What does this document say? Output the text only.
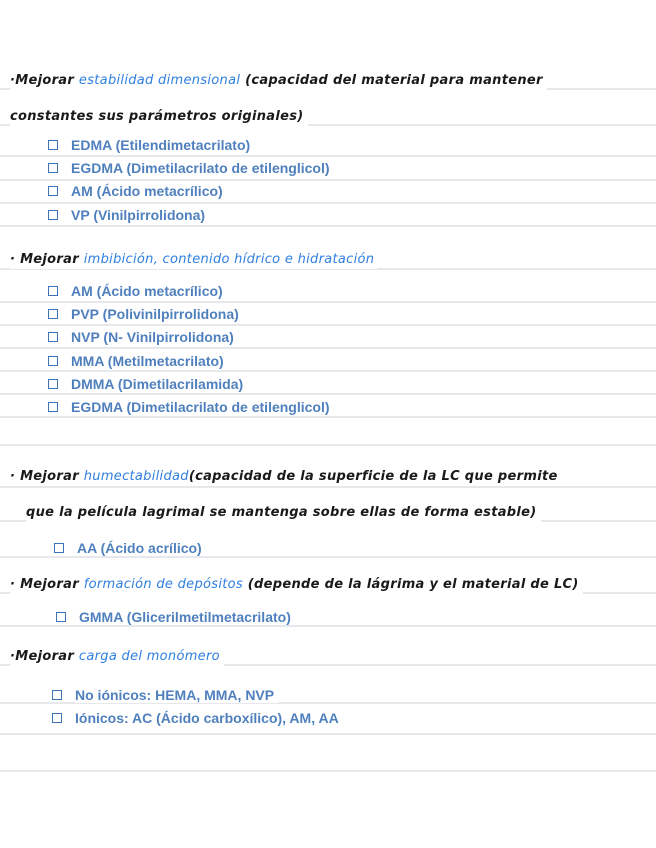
·Mejorar estabilidad dimensional (capacidad del material para mantener
constantes sus parámetros originales)
EDMA (Etilendimetacrilato)
EGDMA (Dimetilacrilato de etilenglicol)
AM (Ácido metacrílico)
VP (Vinilpirrolidona)
· Mejorar imbibición, contenido hídrico e hidratación
AM (Ácido metacrílico)
PVP (Polivinilpirrolidona)
NVP (N- Vinilpirrolidona)
MMA (Metilmetacrilato)
DMMA (Dimetilacrilamida)
EGDMA (Dimetilacrilato de etilenglicol)
· Mejorar humectabilidad(capacidad de la superficie de la LC que permite
que la película lagrimal se mantenga sobre ellas de forma estable)
AA (Ácido acrílico)
· Mejorar formación de depósitos (depende de la lágrima y el material de LC)
GMMA (Glicerilmetilmetacrilato)
·Mejorar carga del monómero
No iónicos: HEMA, MMA, NVP
Iónicos: AC (Ácido carboxílico), AM, AA
